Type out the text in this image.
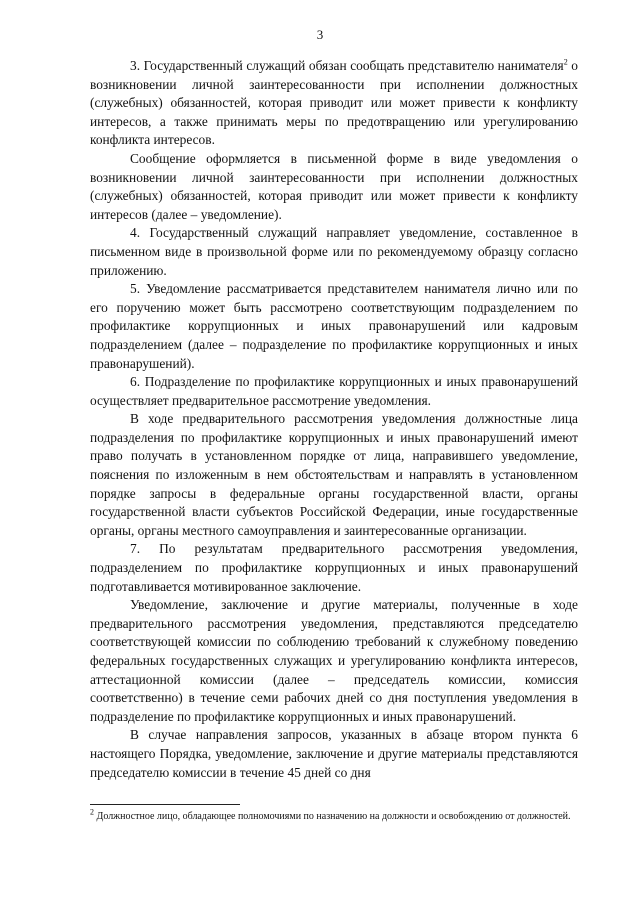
3

3. Государственный служащий обязан сообщать представителю нанимателя$^2$ о возникновении личной заинтересованности при исполнении должностных (служебных) обязанностей, которая приводит или может привести к конфликту интересов, а также принимать меры по предотвращению или урегулированию конфликта интересов.

Сообщение оформляется в письменной форме в виде уведомления о возникновении личной заинтересованности при исполнении должностных (служебных) обязанностей, которая приводит или может привести к конфликту интересов (далее – уведомление).

4. Государственный служащий направляет уведомление, составленное в письменном виде в произвольной форме или по рекомендуемому образцу согласно приложению.

5. Уведомление рассматривается представителем нанимателя лично или по его поручению может быть рассмотрено соответствующим подразделением по профилактике коррупционных и иных правонарушений или кадровым подразделением (далее – подразделение по профилактике коррупционных и иных правонарушений).

6. Подразделение по профилактике коррупционных и иных правонарушений осуществляет предварительное рассмотрение уведомления.

В ходе предварительного рассмотрения уведомления должностные лица подразделения по профилактике коррупционных и иных правонарушений имеют право получать в установленном порядке от лица, направившего уведомление, пояснения по изложенным в нем обстоятельствам и направлять в установленном порядке запросы в федеральные органы государственной власти, органы государственной власти субъектов Российской Федерации, иные государственные органы, органы местного самоуправления и заинтересованные организации.

7. По результатам предварительного рассмотрения уведомления, подразделением по профилактике коррупционных и иных правонарушений подготавливается мотивированное заключение.

Уведомление, заключение и другие материалы, полученные в ходе предварительного рассмотрения уведомления, представляются председателю соответствующей комиссии по соблюдению требований к служебному поведению федеральных государственных служащих и урегулированию конфликта интересов, аттестационной комиссии (далее – председатель комиссии, комиссия соответственно) в течение семи рабочих дней со дня поступления уведомления в подразделение по профилактике коррупционных и иных правонарушений.

В случае направления запросов, указанных в абзаце втором пункта 6 настоящего Порядка, уведомление, заключение и другие материалы представляются председателю комиссии в течение 45 дней со дня

$^2$ Должностное лицо, обладающее полномочиями по назначению на должности и освобождению от должностей.
